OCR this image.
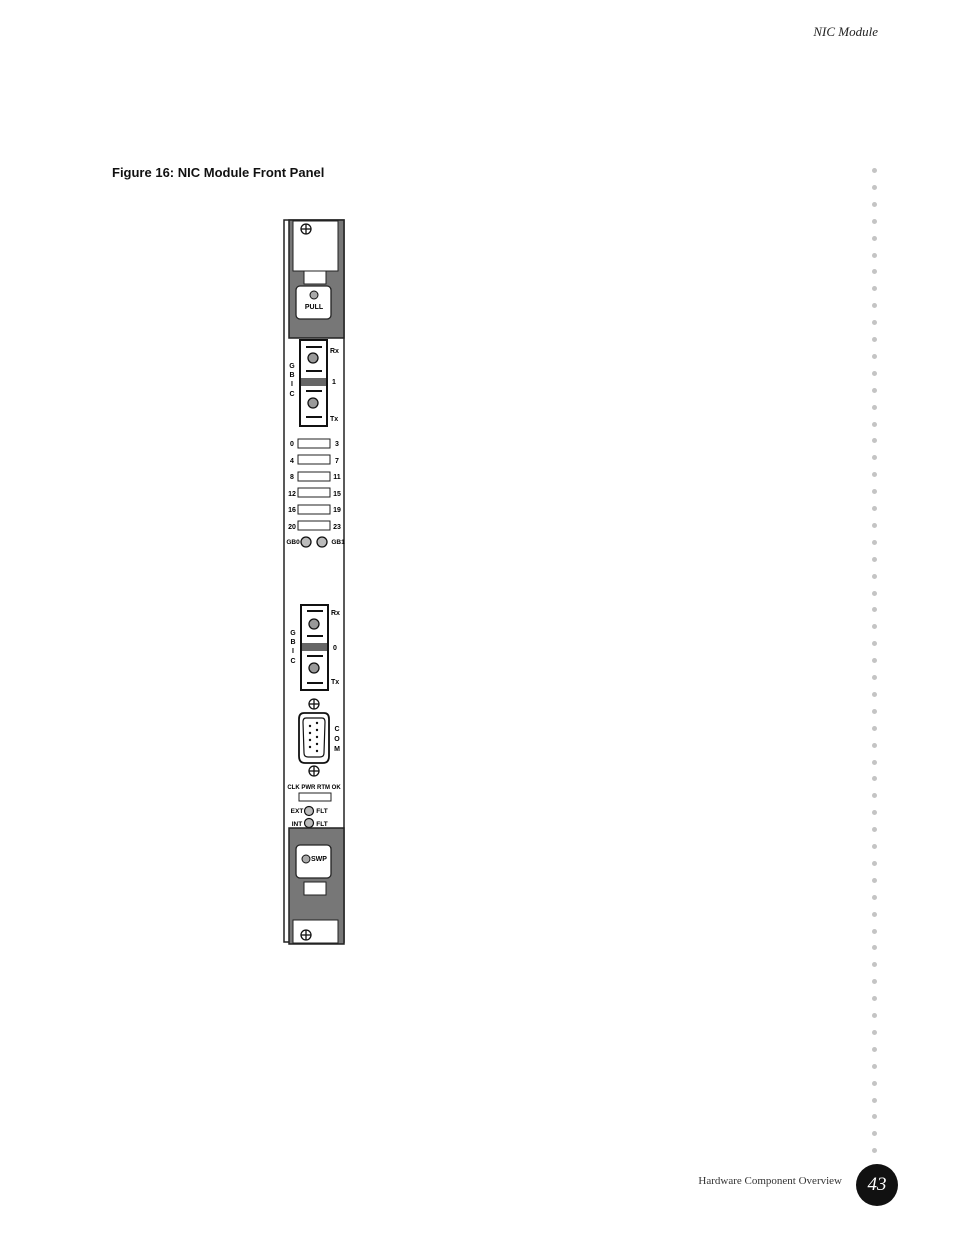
NIC Module
Figure 16: NIC Module Front Panel
PULL
G
B
I
C
Rx
1
Tx
0	3
4	7
8	11
12	15
16	19
20	23
GB0	GB1
G
B
I
C
Rx
0
Tx
C
O
M
CLK PWR RTM OK
EXT FLT
INT FLT
SWP
Hardware Component Overview	43
